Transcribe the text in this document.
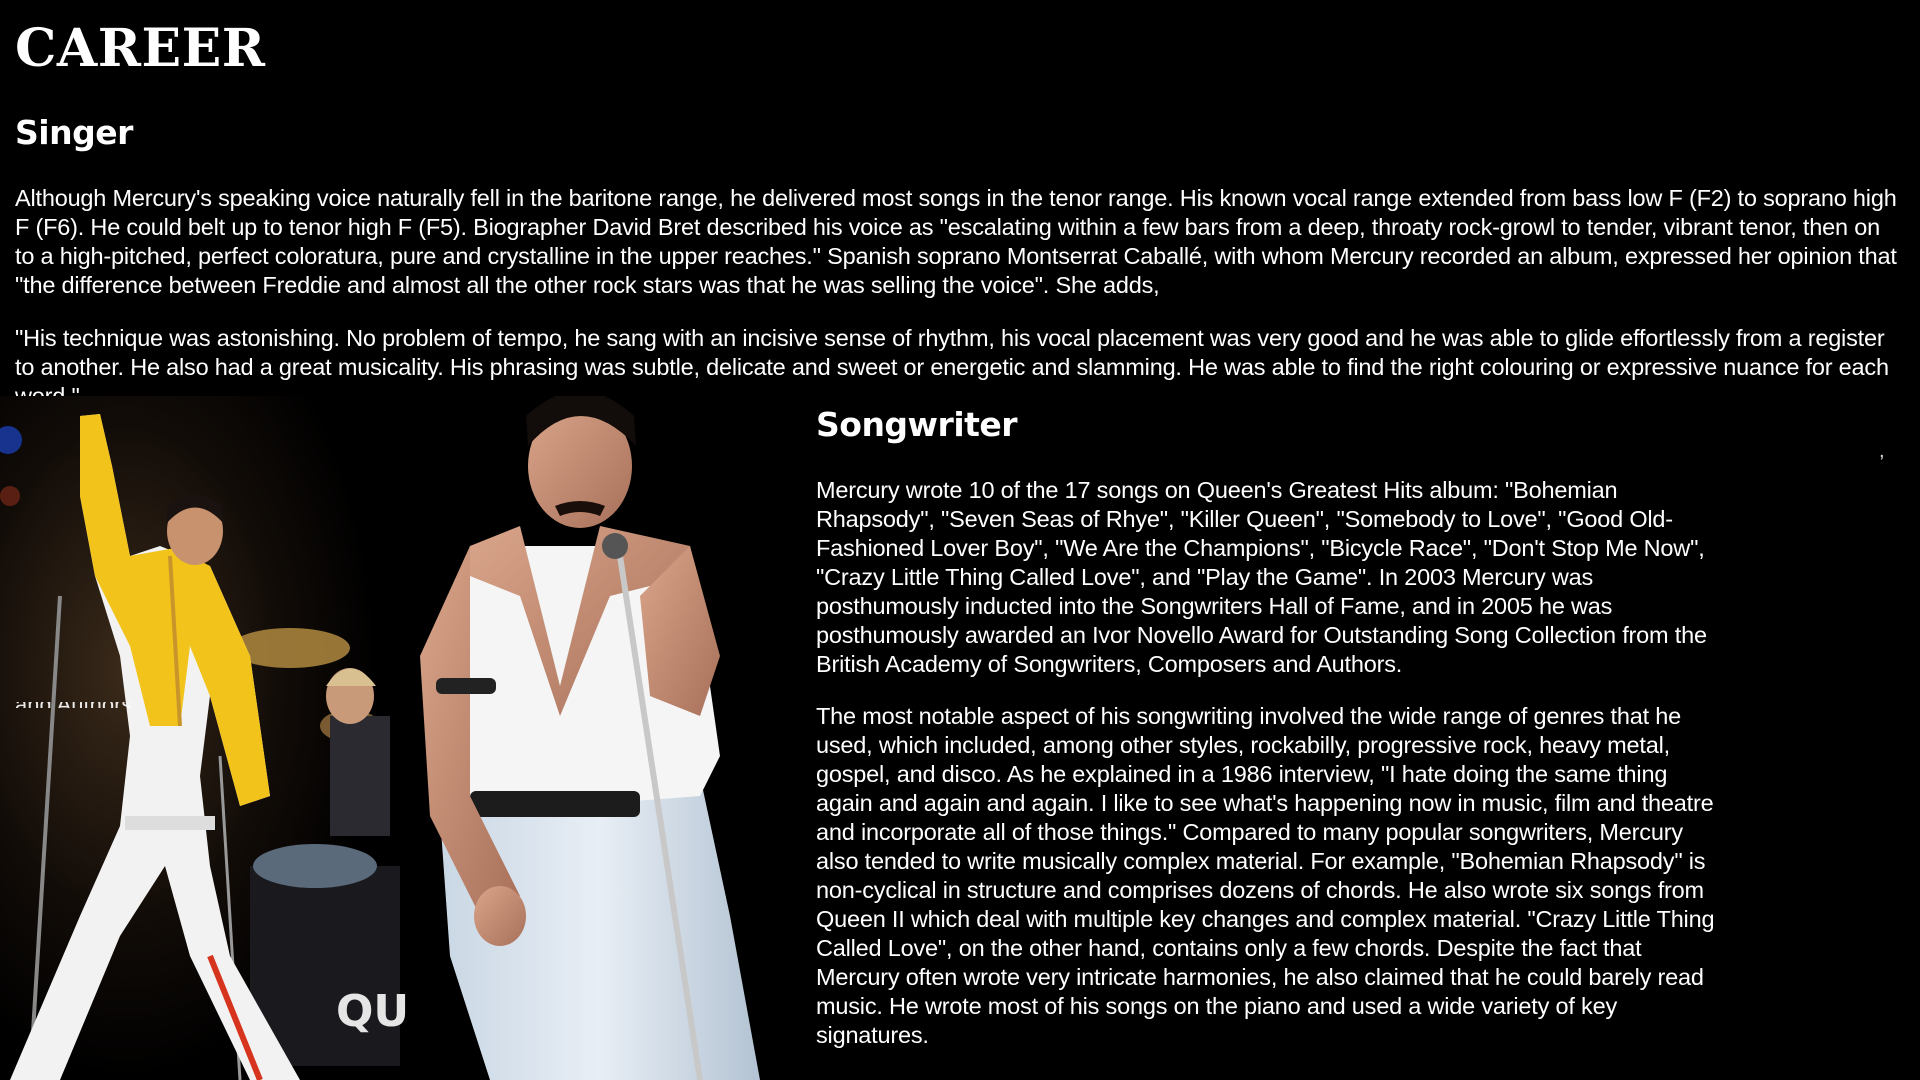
CAREER
Singer

Although Mercury's speaking voice naturally fell in the baritone range, he delivered most songs in the tenor range. His known vocal range extended from bass low F (F2) to soprano high F (F6). He could belt up to tenor high F (F5). Biographer David Bret described his voice as "escalating within a few bars from a deep, throaty rock-growl to tender, vibrant tenor, then on to a high-pitched, perfect coloratura, pure and crystalline in the upper reaches." Spanish soprano Montserrat Caballé, with whom Mercury recorded an album, expressed her opinion that "the difference between Freddie and almost all the other rock stars was that he was selling the voice". She adds,

"His technique was astonishing. No problem of tempo, he sang with an incisive sense of rhythm, his vocal placement was very good and he was able to glide effortlessly from a register to another. He also had a great musicality. His phrasing was subtle, delicate and sweet or energetic and slamming. He was able to find the right colouring or expressive nuance for each

QU
Songwriter

Mercury wrote 10 of the 17 songs on Queen's Greatest Hits album: "Bohemian Rhapsody", "Seven Seas of Rhye", "Killer Queen", "Somebody to Love", "Good Old-Fashioned Lover Boy", "We Are the Champions", "Bicycle Race", "Don't Stop Me Now", "Crazy Little Thing Called Love", and "Play the Game". In 2003 Mercury was posthumously inducted into the Songwriters Hall of Fame, and in 2005 he was posthumously awarded an Ivor Novello Award for Outstanding Song Collection from the British Academy of Songwriters, Composers and Authors.

The most notable aspect of his songwriting involved the wide range of genres that he used, which included, among other styles, rockabilly, progressive rock, heavy metal, gospel, and disco. As he explained in a 1986 interview, "I hate doing the same thing again and again and again. I like to see what's happening now in music, film and theatre and incorporate all of those things." Compared to many popular songwriters, Mercury also tended to write musically complex material. For example, "Bohemian Rhapsody" is non-cyclical in structure and comprises dozens of chords. He also wrote six songs from Queen II which deal with multiple key changes and complex material. "Crazy Little Thing Called Love", on the other hand, contains only a few chords. Despite the fact that Mercury often wrote very intricate harmonies, he also claimed that he could barely read music. He wrote most of his songs on the piano and used a wide variety of key signatures.

,
